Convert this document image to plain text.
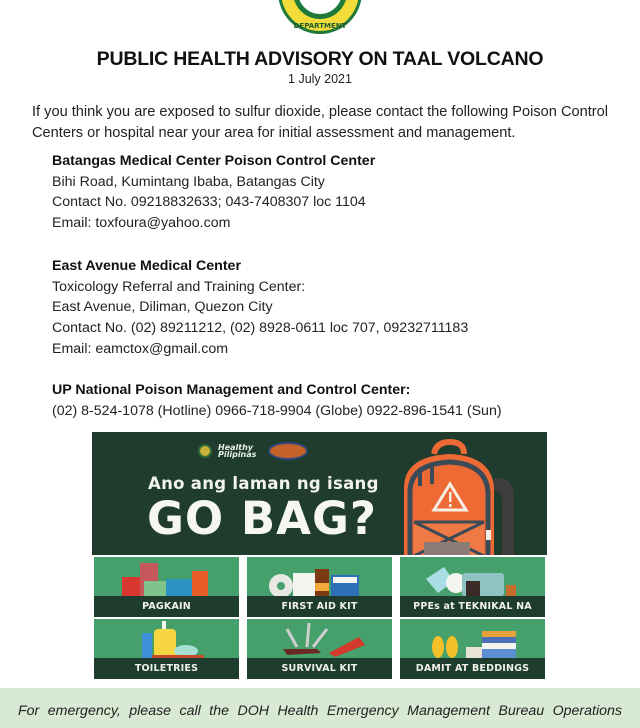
DEPARTMENT
PUBLIC HEALTH ADVISORY ON TAAL VOLCANO
1 July 2021
If you think you are exposed to sulfur dioxide, please contact the following Poison Control Centers or hospital near your area for initial assessment and management.
Batangas Medical Center Poison Control Center
Bihi Road, Kumintang Ibaba, Batangas City
Contact No. 09218832633; 043-7408307 loc 1104
Email: toxfoura@yahoo.com
East Avenue Medical Center
Toxicology Referral and Training Center:
East Avenue, Diliman, Quezon City
Contact No. (02) 89211212, (02) 8928-0611 loc 707, 09232711183
Email: eamctox@gmail.com
UP National Poison Management and Control Center:
(02) 8-524-1078 (Hotline) 0966-718-9904 (Globe) 0922-896-1541 (Sun)
Healthy Pilipinas
Ano ang laman ng isang
GO BAG?
PAGKAIN	FIRST AID KIT	PPEs at TEKNIKAL NA
TOILETRIES	SURVIVAL KIT	DAMIT AT BEDDINGS
For emergency, please call the DOH Health Emergency Management Bureau Operations
